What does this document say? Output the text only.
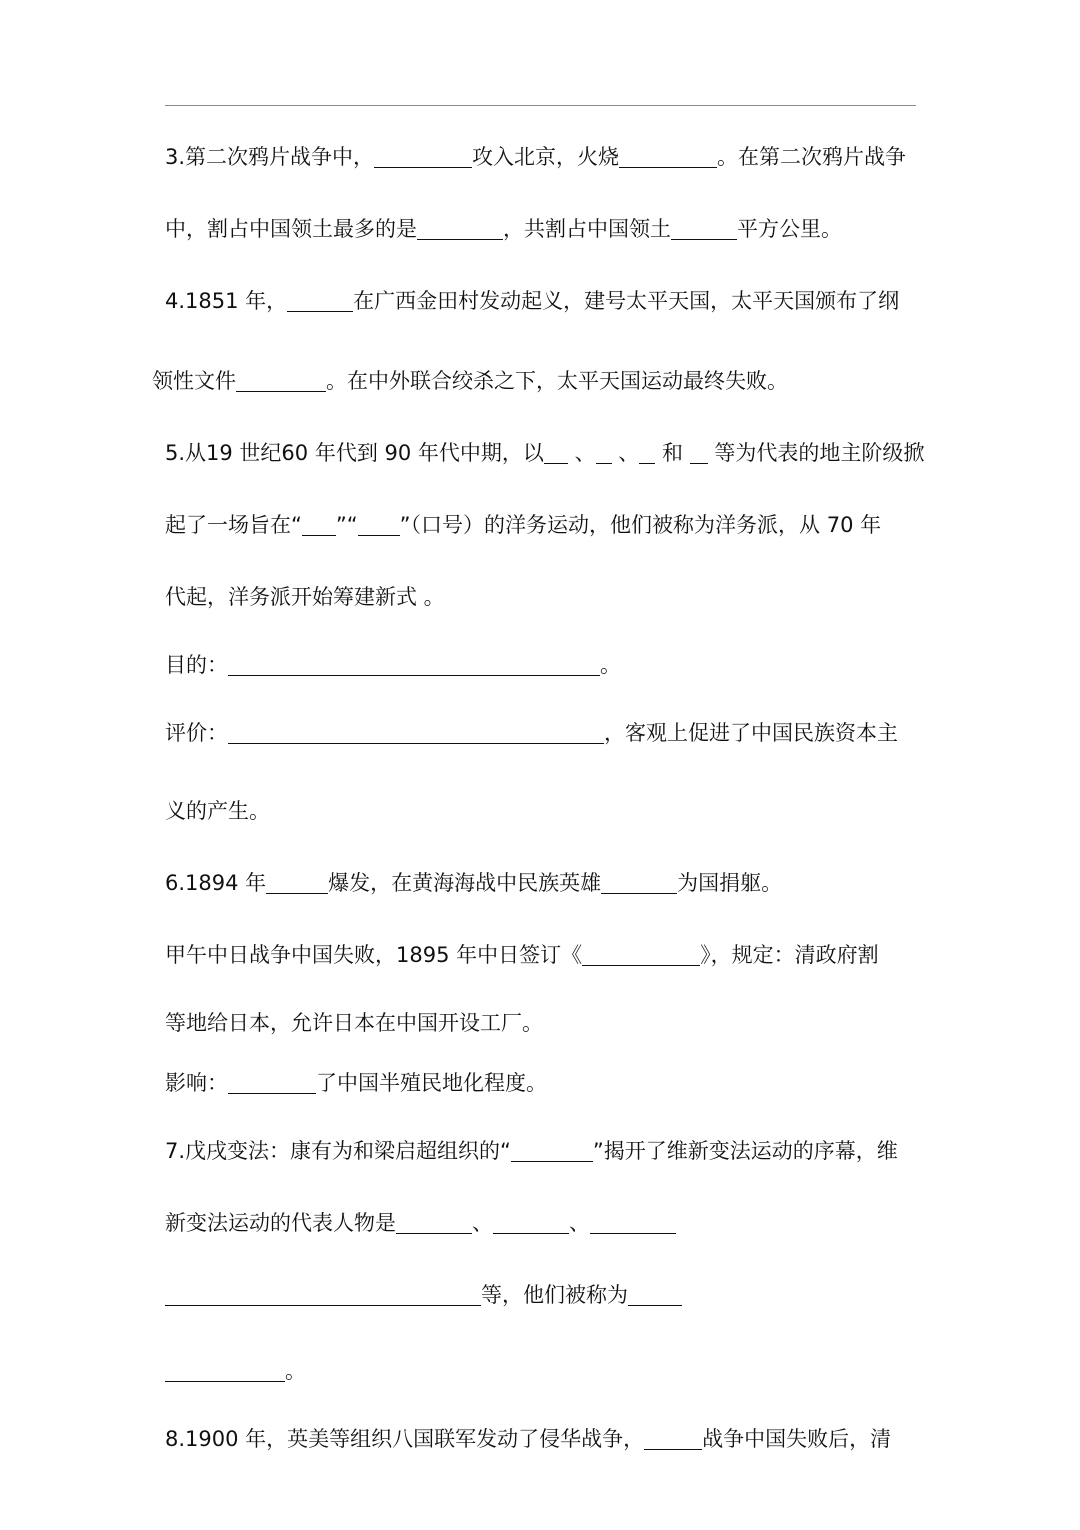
3.第二次鸦片战争中，	攻入北京，火烧	。在第二次鸦片战争
中，割占中国领土最多的是	，共割占中国领土	平方公里。
4.1851 年，	在广西金田村发动起义，建号太平天国，太平天国颁布了纲
领性文件	。在中外联合绞杀之下，太平天国运动最终失败。
5.从19 世纪60 年代到 90 年代中期，以 、 、 和 等为代表的地主阶级掀
起了一场旨在“ ”“ ”（口号）的洋务运动，他们被称为洋务派，从 70 年
代起，洋务派开始筹建新式 。
目的：	。
评价：	，客观上促进了中国民族资本主
义的产生。
6.1894 年	爆发，在黄海海战中民族英雄	为国捐躯。
甲午中日战争中国失败，1895 年中日签订《	》，规定：清政府割
等地给日本，允许日本在中国开设工厂。
影响：	了中国半殖民地化程度。
7.戊戌变法：康有为和梁启超组织的“	”揭开了维新变法运动的序幕，维
新变法运动的代表人物是	、	、
等，他们被称为
。
8.1900 年，英美等组织八国联军发动了侵华战争，	战争中国失败后，清
